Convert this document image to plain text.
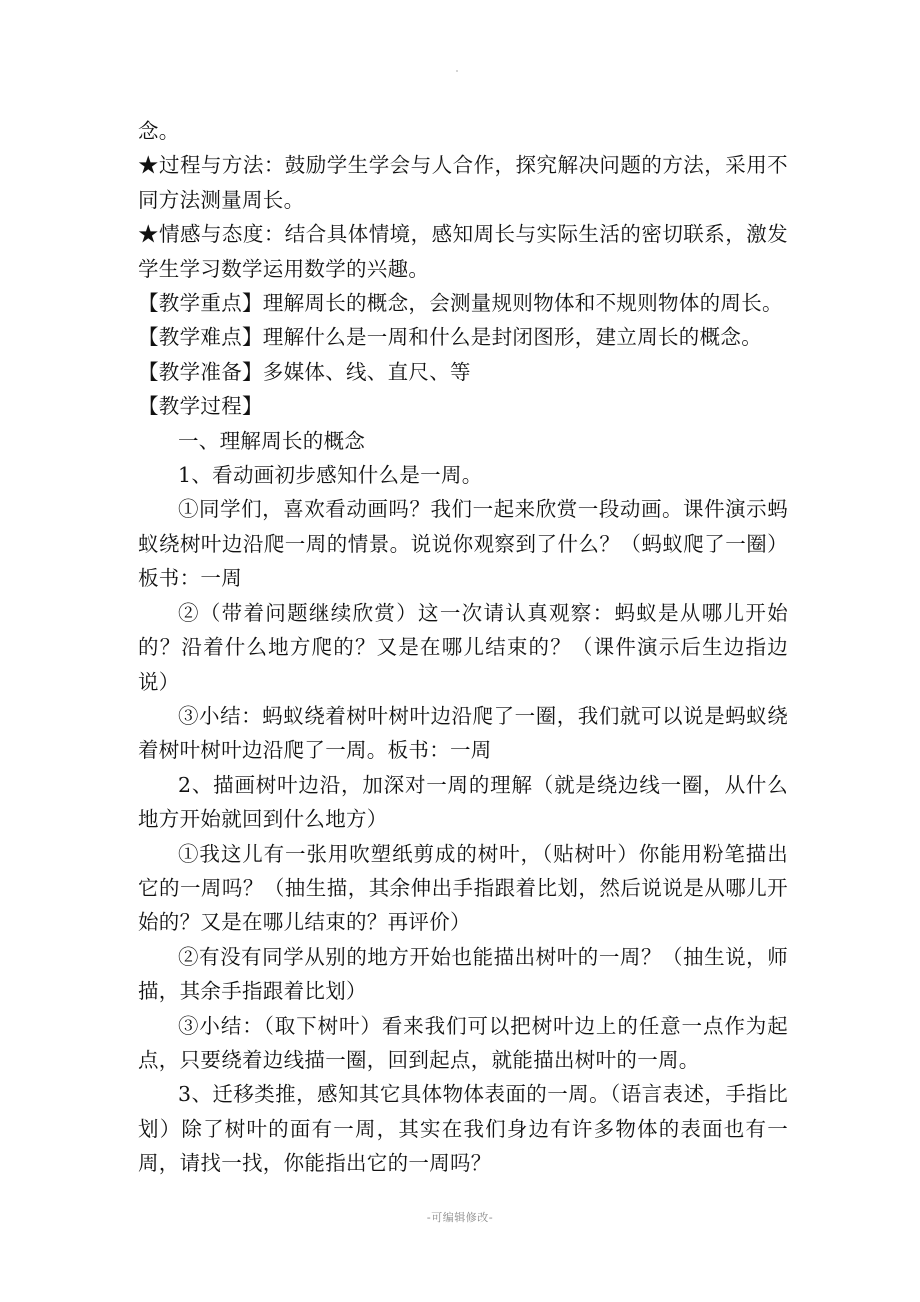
念。

★过程与方法：鼓励学生学会与人合作，探究解决问题的方法，采用不同方法测量周长。

★情感与态度：结合具体情境，感知周长与实际生活的密切联系，激发学生学习数学运用数学的兴趣。

【教学重点】理解周长的概念，会测量规则物体和不规则物体的周长。

【教学难点】理解什么是一周和什么是封闭图形，建立周长的概念。

【教学准备】多媒体、线、直尺、等

【教学过程】

一、理解周长的概念

1、看动画初步感知什么是一周。

①同学们，喜欢看动画吗？我们一起来欣赏一段动画。课件演示蚂蚁绕树叶边沿爬一周的情景。说说你观察到了什么？（蚂蚁爬了一圈）板书：一周

②（带着问题继续欣赏）这一次请认真观察：蚂蚁是从哪儿开始的？沿着什么地方爬的？又是在哪儿结束的？（课件演示后生边指边说）

③小结：蚂蚁绕着树叶树叶边沿爬了一圈，我们就可以说是蚂蚁绕着树叶树叶边沿爬了一周。板书：一周

2、描画树叶边沿，加深对一周的理解（就是绕边线一圈，从什么地方开始就回到什么地方）

①我这儿有一张用吹塑纸剪成的树叶，（贴树叶）你能用粉笔描出它的一周吗？（抽生描，其余伸出手指跟着比划，然后说说是从哪儿开始的？又是在哪儿结束的？再评价）

②有没有同学从别的地方开始也能描出树叶的一周？（抽生说，师描，其余手指跟着比划）

③小结：（取下树叶）看来我们可以把树叶边上的任意一点作为起点，只要绕着边线描一圈，回到起点，就能描出树叶的一周。

3、迁移类推，感知其它具体物体表面的一周。（语言表述，手指比划）除了树叶的面有一周，其实在我们身边有许多物体的表面也有一周，请找一找，你能指出它的一周吗？

-可编辑修改-
